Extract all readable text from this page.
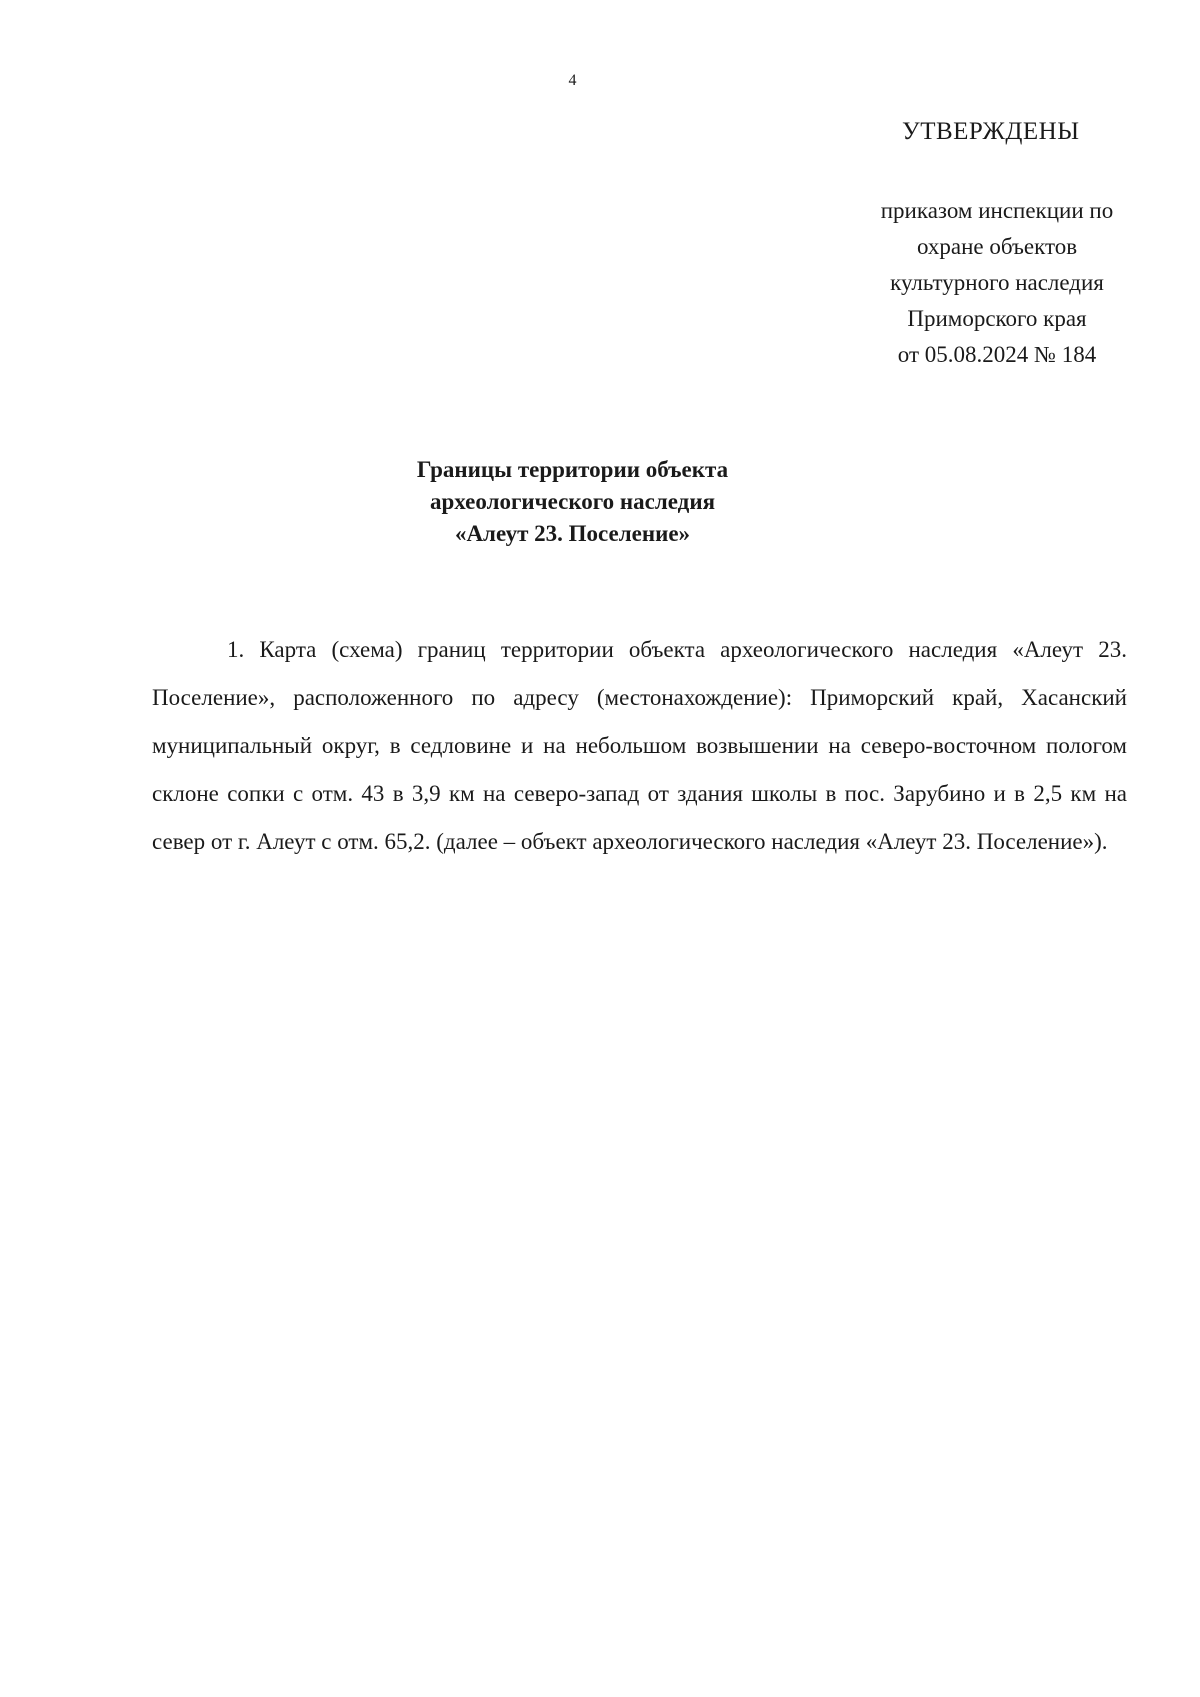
4
УТВЕРЖДЕНЫ
приказом инспекции по
охране объектов
культурного наследия
Приморского края
от 05.08.2024 № 184
Границы территории объекта
археологического наследия
«Алеут 23. Поселение»

1. Карта (схема) границ территории объекта археологического наследия «Алеут 23. Поселение», расположенного по адресу (местонахождение): Приморский край, Хасанский муниципальный округ, в седловине и на небольшом возвышении на северо-восточном пологом склоне сопки с отм. 43 в 3,9 км на северо-запад от здания школы в пос. Зарубино и в 2,5 км на север от г. Алеут с отм. 65,2. (далее – объект археологического наследия «Алеут 23. Поселение»).
